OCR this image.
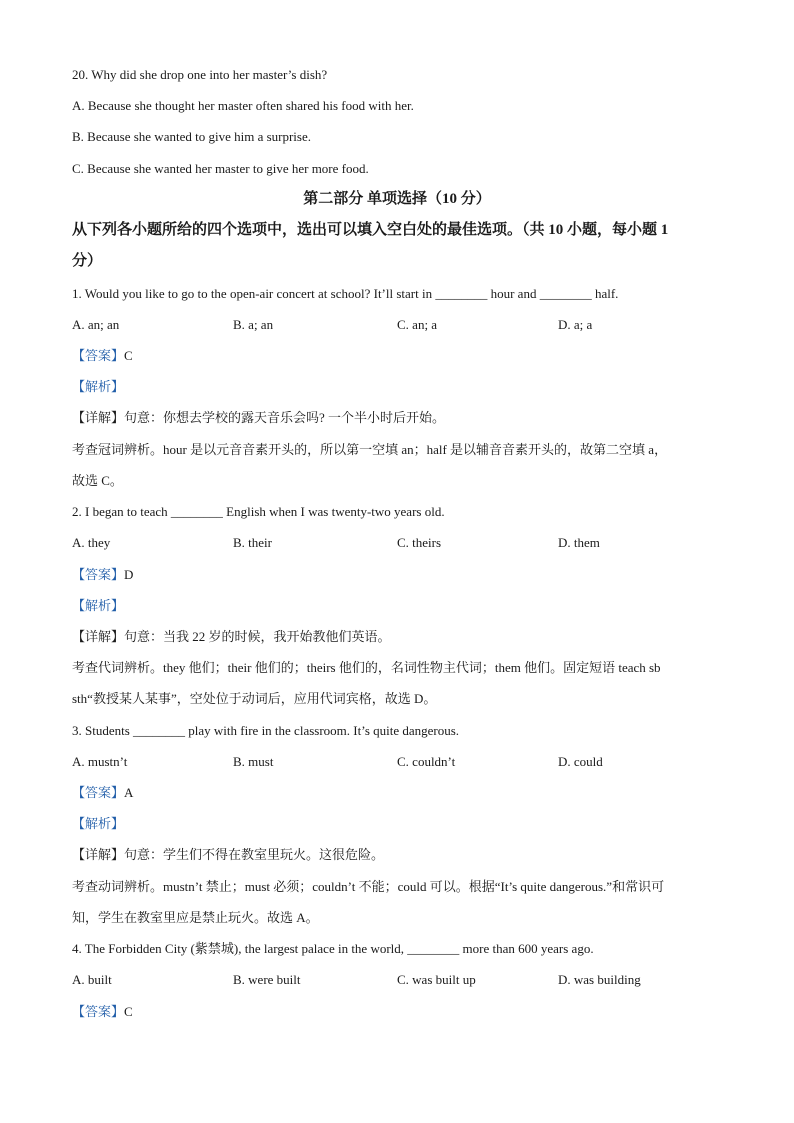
20. Why did she drop one into her master’s dish?
A. Because she thought her master often shared his food with her.
B. Because she wanted to give him a surprise.
C. Because she wanted her master to give her more food.
第二部分 单项选择（10 分）
从下列各小题所给的四个选项中，选出可以填入空白处的最佳选项。（共 10 小题，每小题 1
分）
1. Would you like to go to the open-air concert at school? It’ll start in ________ hour and ________ half.
A. an; an	B. a; an	C. an; a	D. a; a
【答案】C
【解析】
【详解】句意：你想去学校的露天音乐会吗? 一个半小时后开始。
考查冠词辨析。hour 是以元音音素开头的，所以第一空填 an；half 是以辅音音素开头的，故第二空填 a，
故选 C。
2. I began to teach ________ English when I was twenty-two years old.
A. they	B. their	C. theirs	D. them
【答案】D
【解析】
【详解】句意：当我 22 岁的时候，我开始教他们英语。
考查代词辨析。they 他们；their 他们的；theirs 他们的，名词性物主代词；them 他们。固定短语 teach sb
sth“教授某人某事”，空处位于动词后，应用代词宾格，故选 D。
3. Students ________ play with fire in the classroom. It’s quite dangerous.
A. mustn’t	B. must	C. couldn’t	D. could
【答案】A
【解析】
【详解】句意：学生们不得在教室里玩火。这很危险。
考查动词辨析。mustn’t 禁止；must 必须；couldn’t 不能；could 可以。根据“It’s quite dangerous.”和常识可
知，学生在教室里应是禁止玩火。故选 A。
4. The Forbidden City (紫禁城), the largest palace in the world, ________ more than 600 years ago.
A. built	B. were built	C. was built up	D. was building
【答案】C
